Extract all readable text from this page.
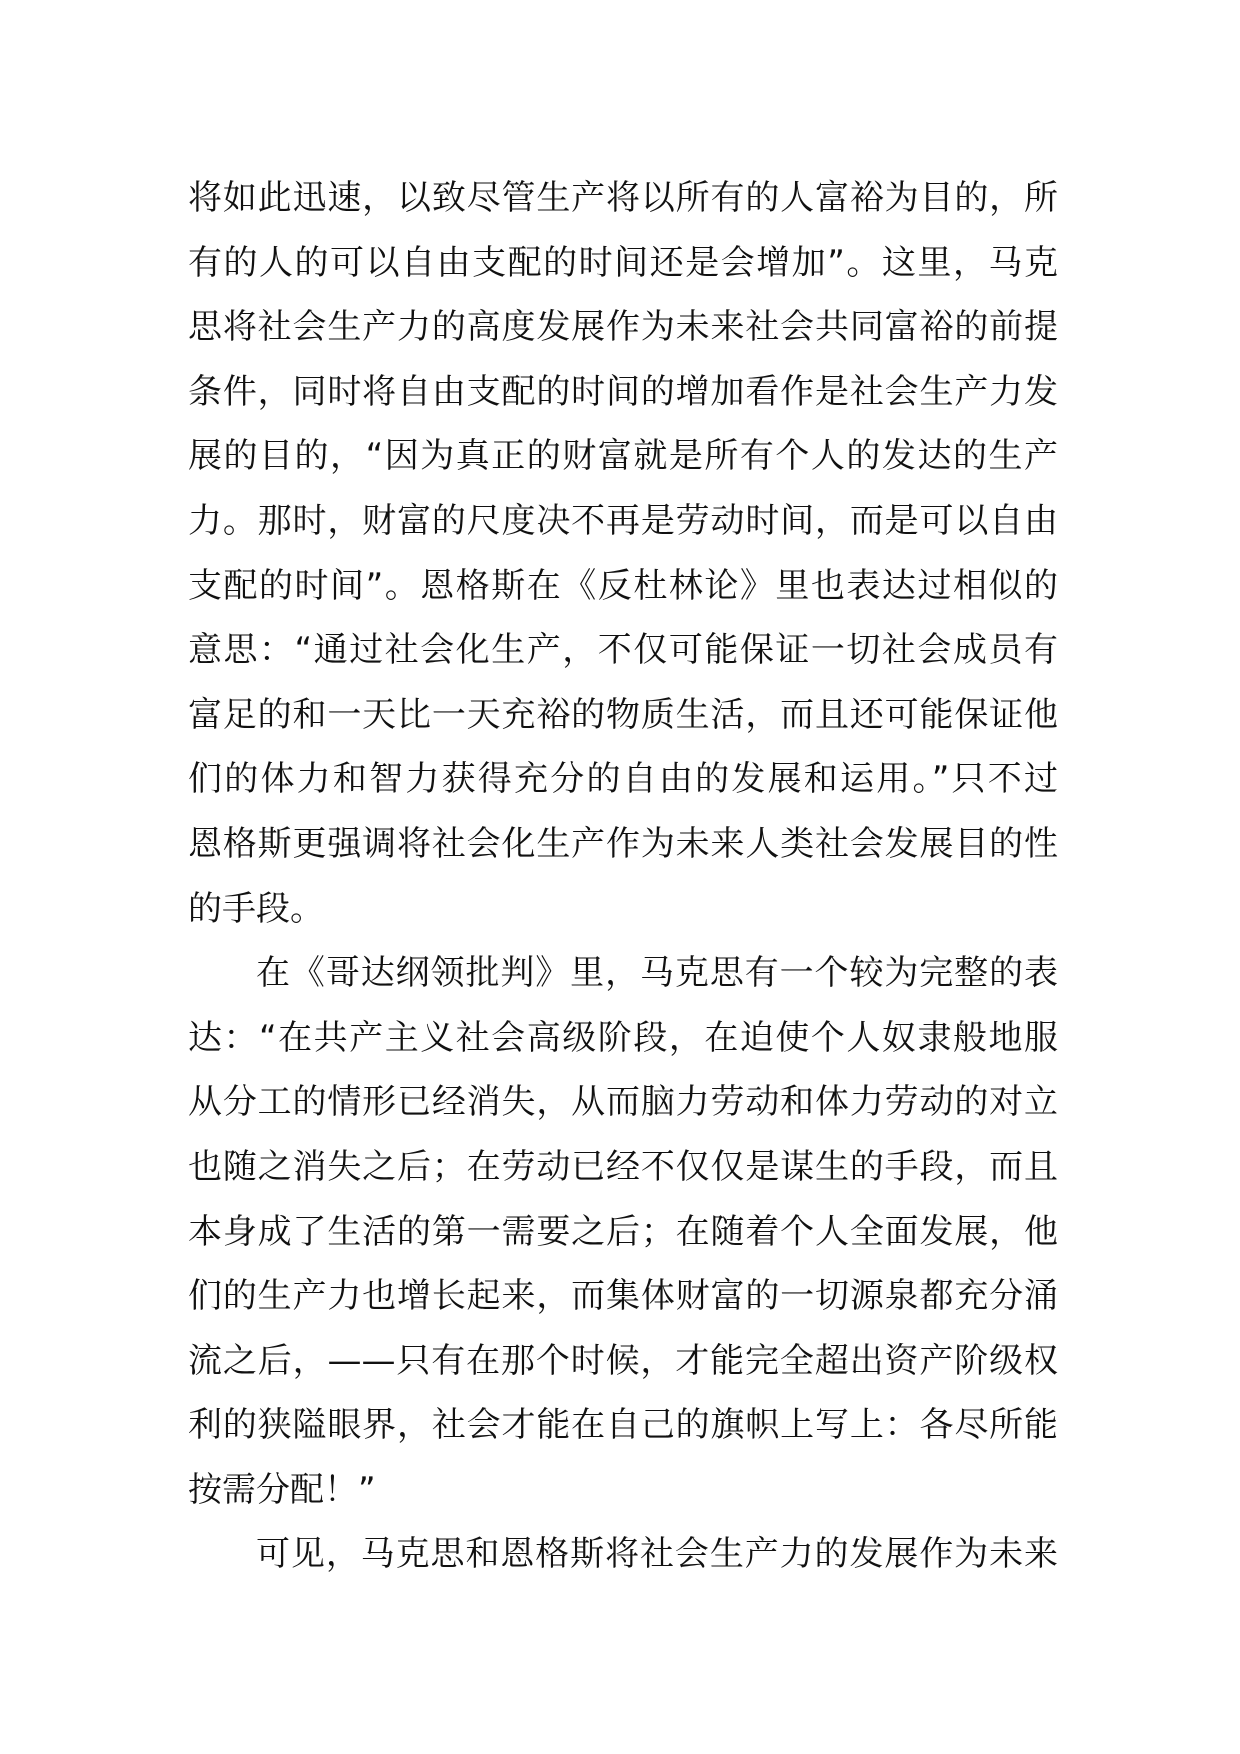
将如此迅速，以致尽管生产将以所有的人富裕为目的，所
有的人的可以自由支配的时间还是会增加”。这里，马克
思将社会生产力的高度发展作为未来社会共同富裕的前提
条件，同时将自由支配的时间的增加看作是社会生产力发
展的目的，“因为真正的财富就是所有个人的发达的生产
力。那时，财富的尺度决不再是劳动时间，而是可以自由
支配的时间”。恩格斯在《反杜林论》里也表达过相似的
意思：“通过社会化生产，不仅可能保证一切社会成员有
富足的和一天比一天充裕的物质生活，而且还可能保证他
们的体力和智力获得充分的自由的发展和运用。”只不过
恩格斯更强调将社会化生产作为未来人类社会发展目的性
的手段。
在《哥达纲领批判》里，马克思有一个较为完整的表
达：“在共产主义社会高级阶段，在迫使个人奴隶般地服
从分工的情形已经消失，从而脑力劳动和体力劳动的对立
也随之消失之后；在劳动已经不仅仅是谋生的手段，而且
本身成了生活的第一需要之后；在随着个人全面发展，他
们的生产力也增长起来，而集体财富的一切源泉都充分涌
流之后，——只有在那个时候，才能完全超出资产阶级权
利的狭隘眼界，社会才能在自己的旗帜上写上：各尽所能
按需分配！”
可见，马克思和恩格斯将社会生产力的发展作为未来
